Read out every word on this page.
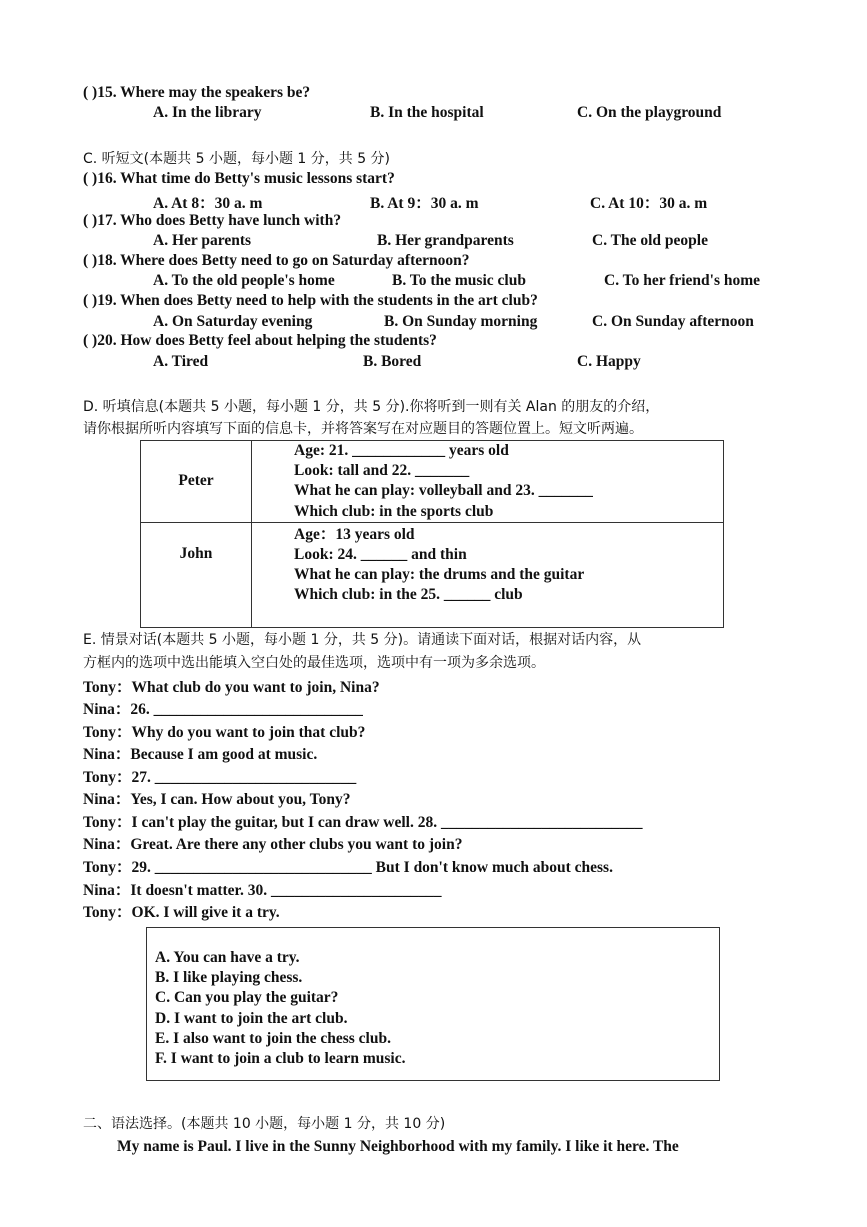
( )15. Where may the speakers be?
A. In the library	B. In the hospital	C. On the playground
C. 听短文(本题共 5 小题，每小题 1 分，共 5 分)
( )16. What time do Betty's music lessons start?
A. At 8：30 a. m	B. At 9：30 a. m	C. At 10：30 a. m
( )17. Who does Betty have lunch with?
A. Her parents	B. Her grandparents	C. The old people
( )18. Where does Betty need to go on Saturday afternoon?
A. To the old people's home	B. To the music club	C. To her friend's home
( )19. When does Betty need to help with the students in the art club?
A. On Saturday evening	B. On Sunday morning	C. On Sunday afternoon
( )20. How does Betty feel about helping the students?
A. Tired	B. Bored	C. Happy
D. 听填信息(本题共 5 小题，每小题 1 分，共 5 分).你将听到一则有关 Alan 的朋友的介绍，
请你根据所听内容填写下面的信息卡，并将答案写在对应题目的答题位置上。短文听两遍。
Peter	Age: 21. ____________ years old
Look: tall and 22. _______
What he can play: volleyball and 23. _______
Which club: in the sports club

John	Age：13 years old
Look: 24. ______ and thin
What he can play: the drums and the guitar
Which club: in the 25. ______ club
E. 情景对话(本题共 5 小题，每小题 1 分，共 5 分)。请通读下面对话，根据对话内容，从
方框内的选项中选出能填入空白处的最佳选项，选项中有一项为多余选项。
Tony：What club do you want to join, Nina?
Nina：26. ___________________________
Tony：Why do you want to join that club?
Nina：Because I am good at music.
Tony：27. __________________________
Nina：Yes, I can. How about you, Tony?
Tony：I can't play the guitar, but I can draw well. 28. __________________________
Nina：Great. Are there any other clubs you want to join?
Tony：29. ____________________________ But I don't know much about chess.
Nina：It doesn't matter. 30. ______________________
Tony：OK. I will give it a try.
A. You can have a try.
B. I like playing chess.
C. Can you play the guitar?
D. I want to join the art club.
E. I also want to join the chess club.
F. I want to join a club to learn music.
二、语法选择。(本题共 10 小题，每小题 1 分，共 10 分)
My name is Paul. I live in the Sunny Neighborhood with my family. I like it here. The
